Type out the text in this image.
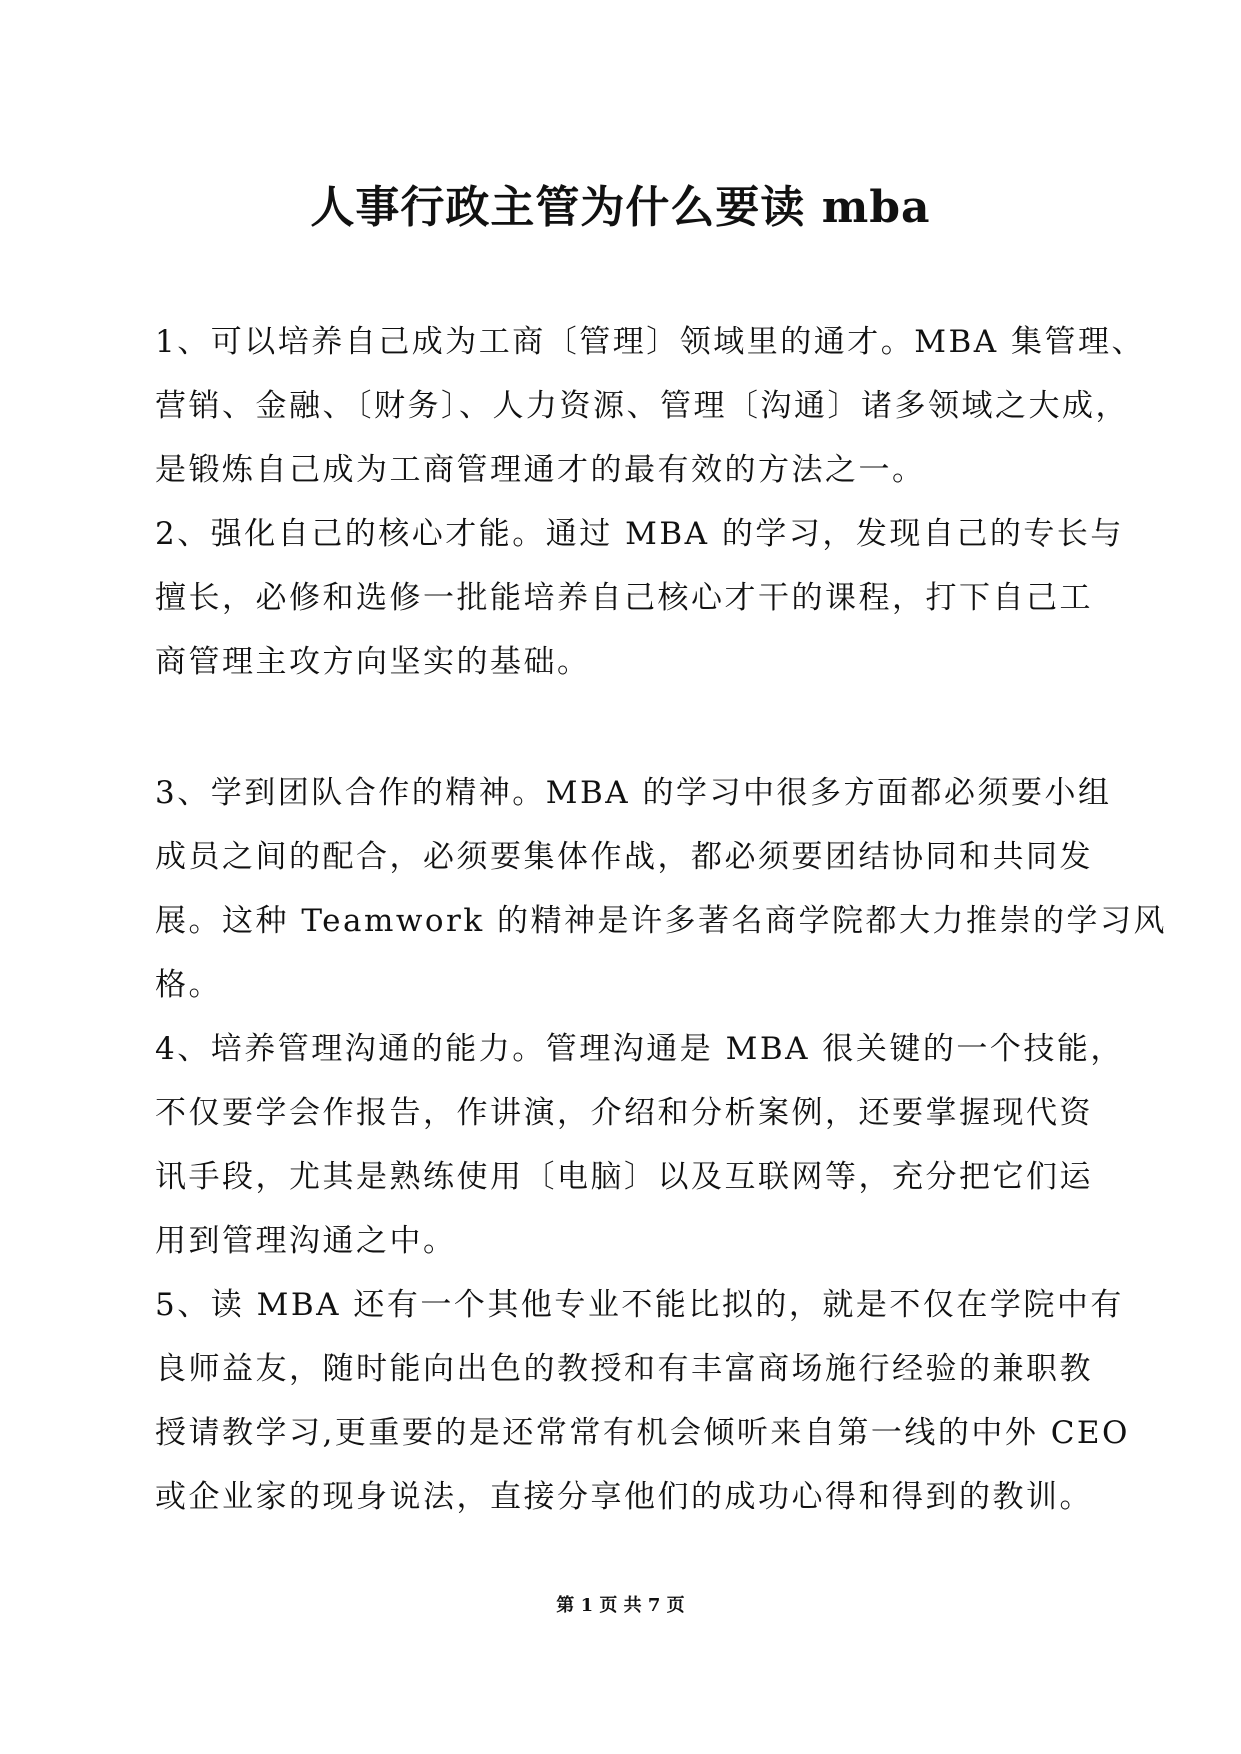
人事行政主管为什么要读 mba
1、可以培养自己成为工商〔管理〕领域里的通才。MBA 集管理、
营销、金融、〔财务〕、人力资源、管理〔沟通〕诸多领域之大成，
是锻炼自己成为工商管理通才的最有效的方法之一。
2、强化自己的核心才能。通过 MBA 的学习，发现自己的专长与
擅长，必修和选修一批能培养自己核心才干的课程，打下自己工
商管理主攻方向坚实的基础。
3、学到团队合作的精神。MBA 的学习中很多方面都必须要小组
成员之间的配合，必须要集体作战，都必须要团结协同和共同发
展。这种 Teamwork 的精神是许多著名商学院都大力推崇的学习风
格。
4、培养管理沟通的能力。管理沟通是 MBA 很关键的一个技能，
不仅要学会作报告，作讲演，介绍和分析案例，还要掌握现代资
讯手段，尤其是熟练使用〔电脑〕以及互联网等，充分把它们运
用到管理沟通之中。
5、读 MBA 还有一个其他专业不能比拟的，就是不仅在学院中有
良师益友，随时能向出色的教授和有丰富商场施行经验的兼职教
授请教学习,更重要的是还常常有机会倾听来自第一线的中外 CEO
或企业家的现身说法，直接分享他们的成功心得和得到的教训。
第 1 页 共 7 页
